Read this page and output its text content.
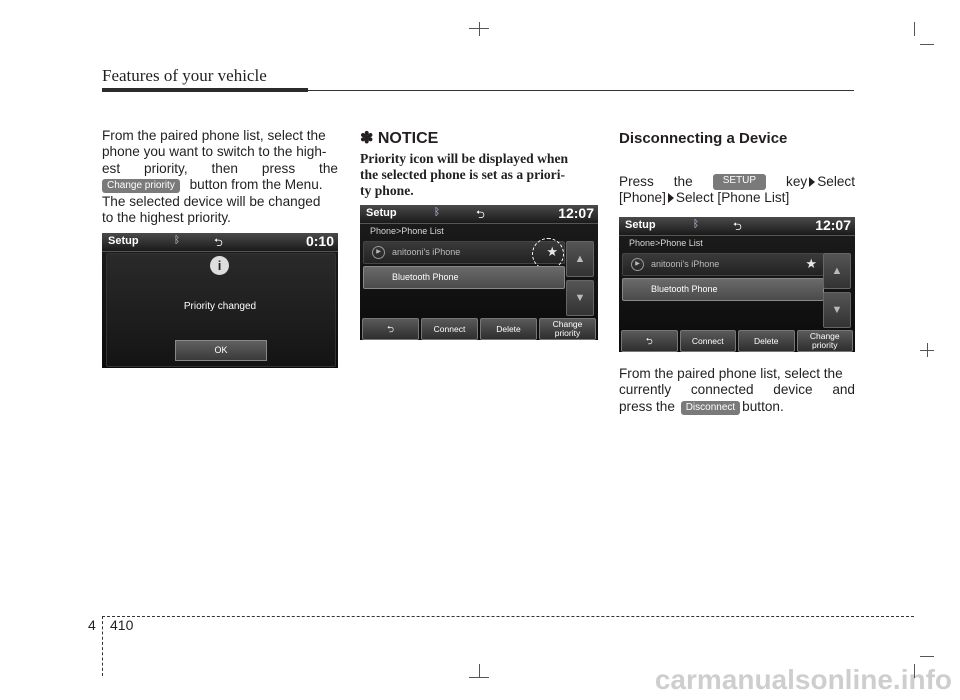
Features of your vehicle
From the paired phone list, select the
phone you want to switch to the high-
est priority, then press the
Change priority button from the Menu.
The selected device will be changed
to the highest priority.
Setup	ᛒ	⮌	0:10
i
Priority changed
OK
✽ NOTICE
Priority icon will be displayed when the selected phone is set as a priori- ty phone.
Setup	ᛒ	⮌	12:07
Phone>Phone List
▶	anitooni's iPhone	★
Bluetooth Phone
▲
▼
⮌	Connect	Delete	Change
priority
Disconnecting a Device
Press the	SETUP	key Select
[Phone] Select [Phone List]
Setup	ᛒ	⮌	12:07
Phone>Phone List
▶	anitooni's iPhone	★
Bluetooth Phone
▲
▼
⮌	Connect	Delete	Change
priority
From the paired phone list, select the
currently connected device and
press the Disconnect button.
4 410
carmanualsonline.info
